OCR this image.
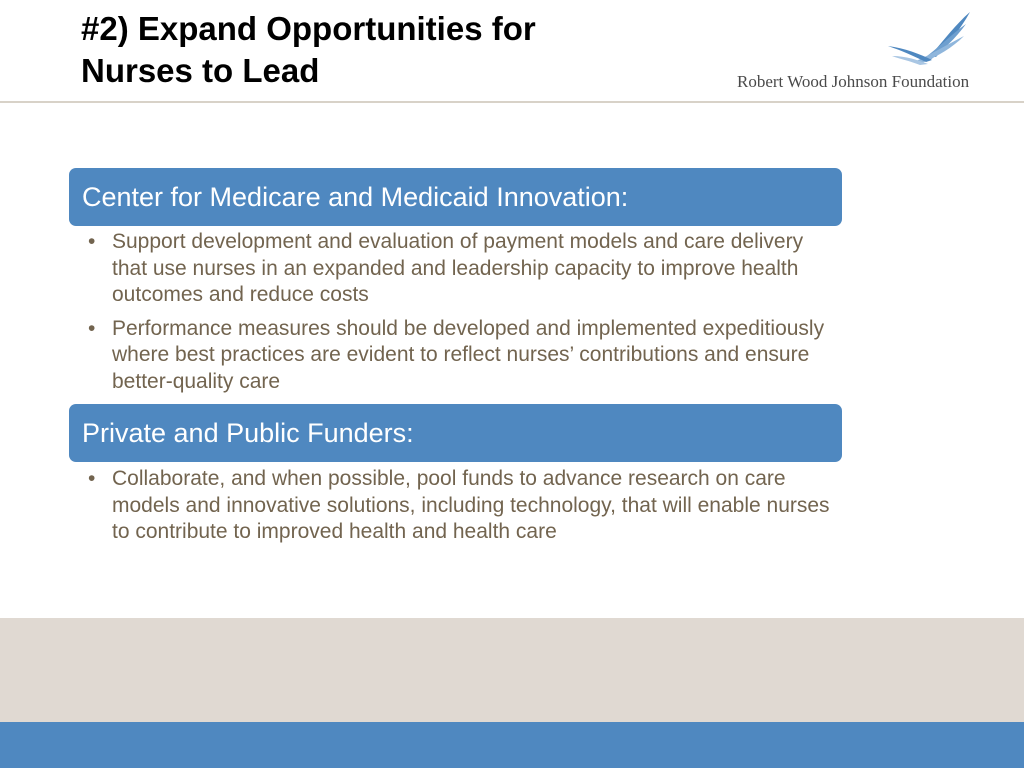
#2) Expand Opportunities for
Nurses to Lead	Robert Wood Johnson Foundation
Center for Medicare and Medicaid Innovation:
• Support development and evaluation of payment models and care delivery that use nurses in an expanded and leadership capacity to improve health outcomes and reduce costs
• Performance measures should be developed and implemented expeditiously where best practices are evident to reflect nurses’ contributions and ensure better-quality care
Private and Public Funders:
• Collaborate, and when possible, pool funds to advance research on care models and innovative solutions, including technology, that will enable nurses to contribute to improved health and health care
